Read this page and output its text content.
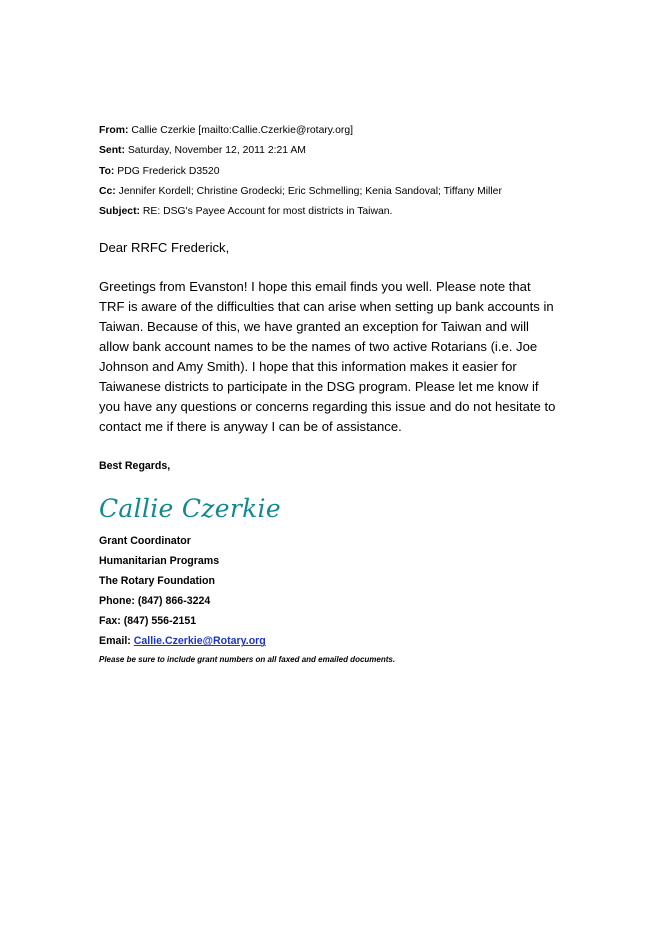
From: Callie Czerkie [mailto:Callie.Czerkie@rotary.org]
Sent: Saturday, November 12, 2011 2:21 AM
To: PDG Frederick D3520
Cc: Jennifer Kordell; Christine Grodecki; Eric Schmelling; Kenia Sandoval; Tiffany Miller
Subject: RE: DSG's Payee Account for most districts in Taiwan.
Dear RRFC Frederick,
Greetings from Evanston! I hope this email finds you well. Please note that
TRF is aware of the difficulties that can arise when setting up bank accounts in
Taiwan. Because of this, we have granted an exception for Taiwan and will
allow bank account names to be the names of two active Rotarians (i.e. Joe
Johnson and Amy Smith). I hope that this information makes it easier for
Taiwanese districts to participate in the DSG program. Please let me know if
you have any questions or concerns regarding this issue and do not hesitate to
contact me if there is anyway I can be of assistance.
Best Regards,
Callie Czerkie
Grant Coordinator
Humanitarian Programs
The Rotary Foundation
Phone: (847) 866-3224
Fax: (847) 556-2151
Email: Callie.Czerkie@Rotary.org
Please be sure to include grant numbers on all faxed and emailed documents.
